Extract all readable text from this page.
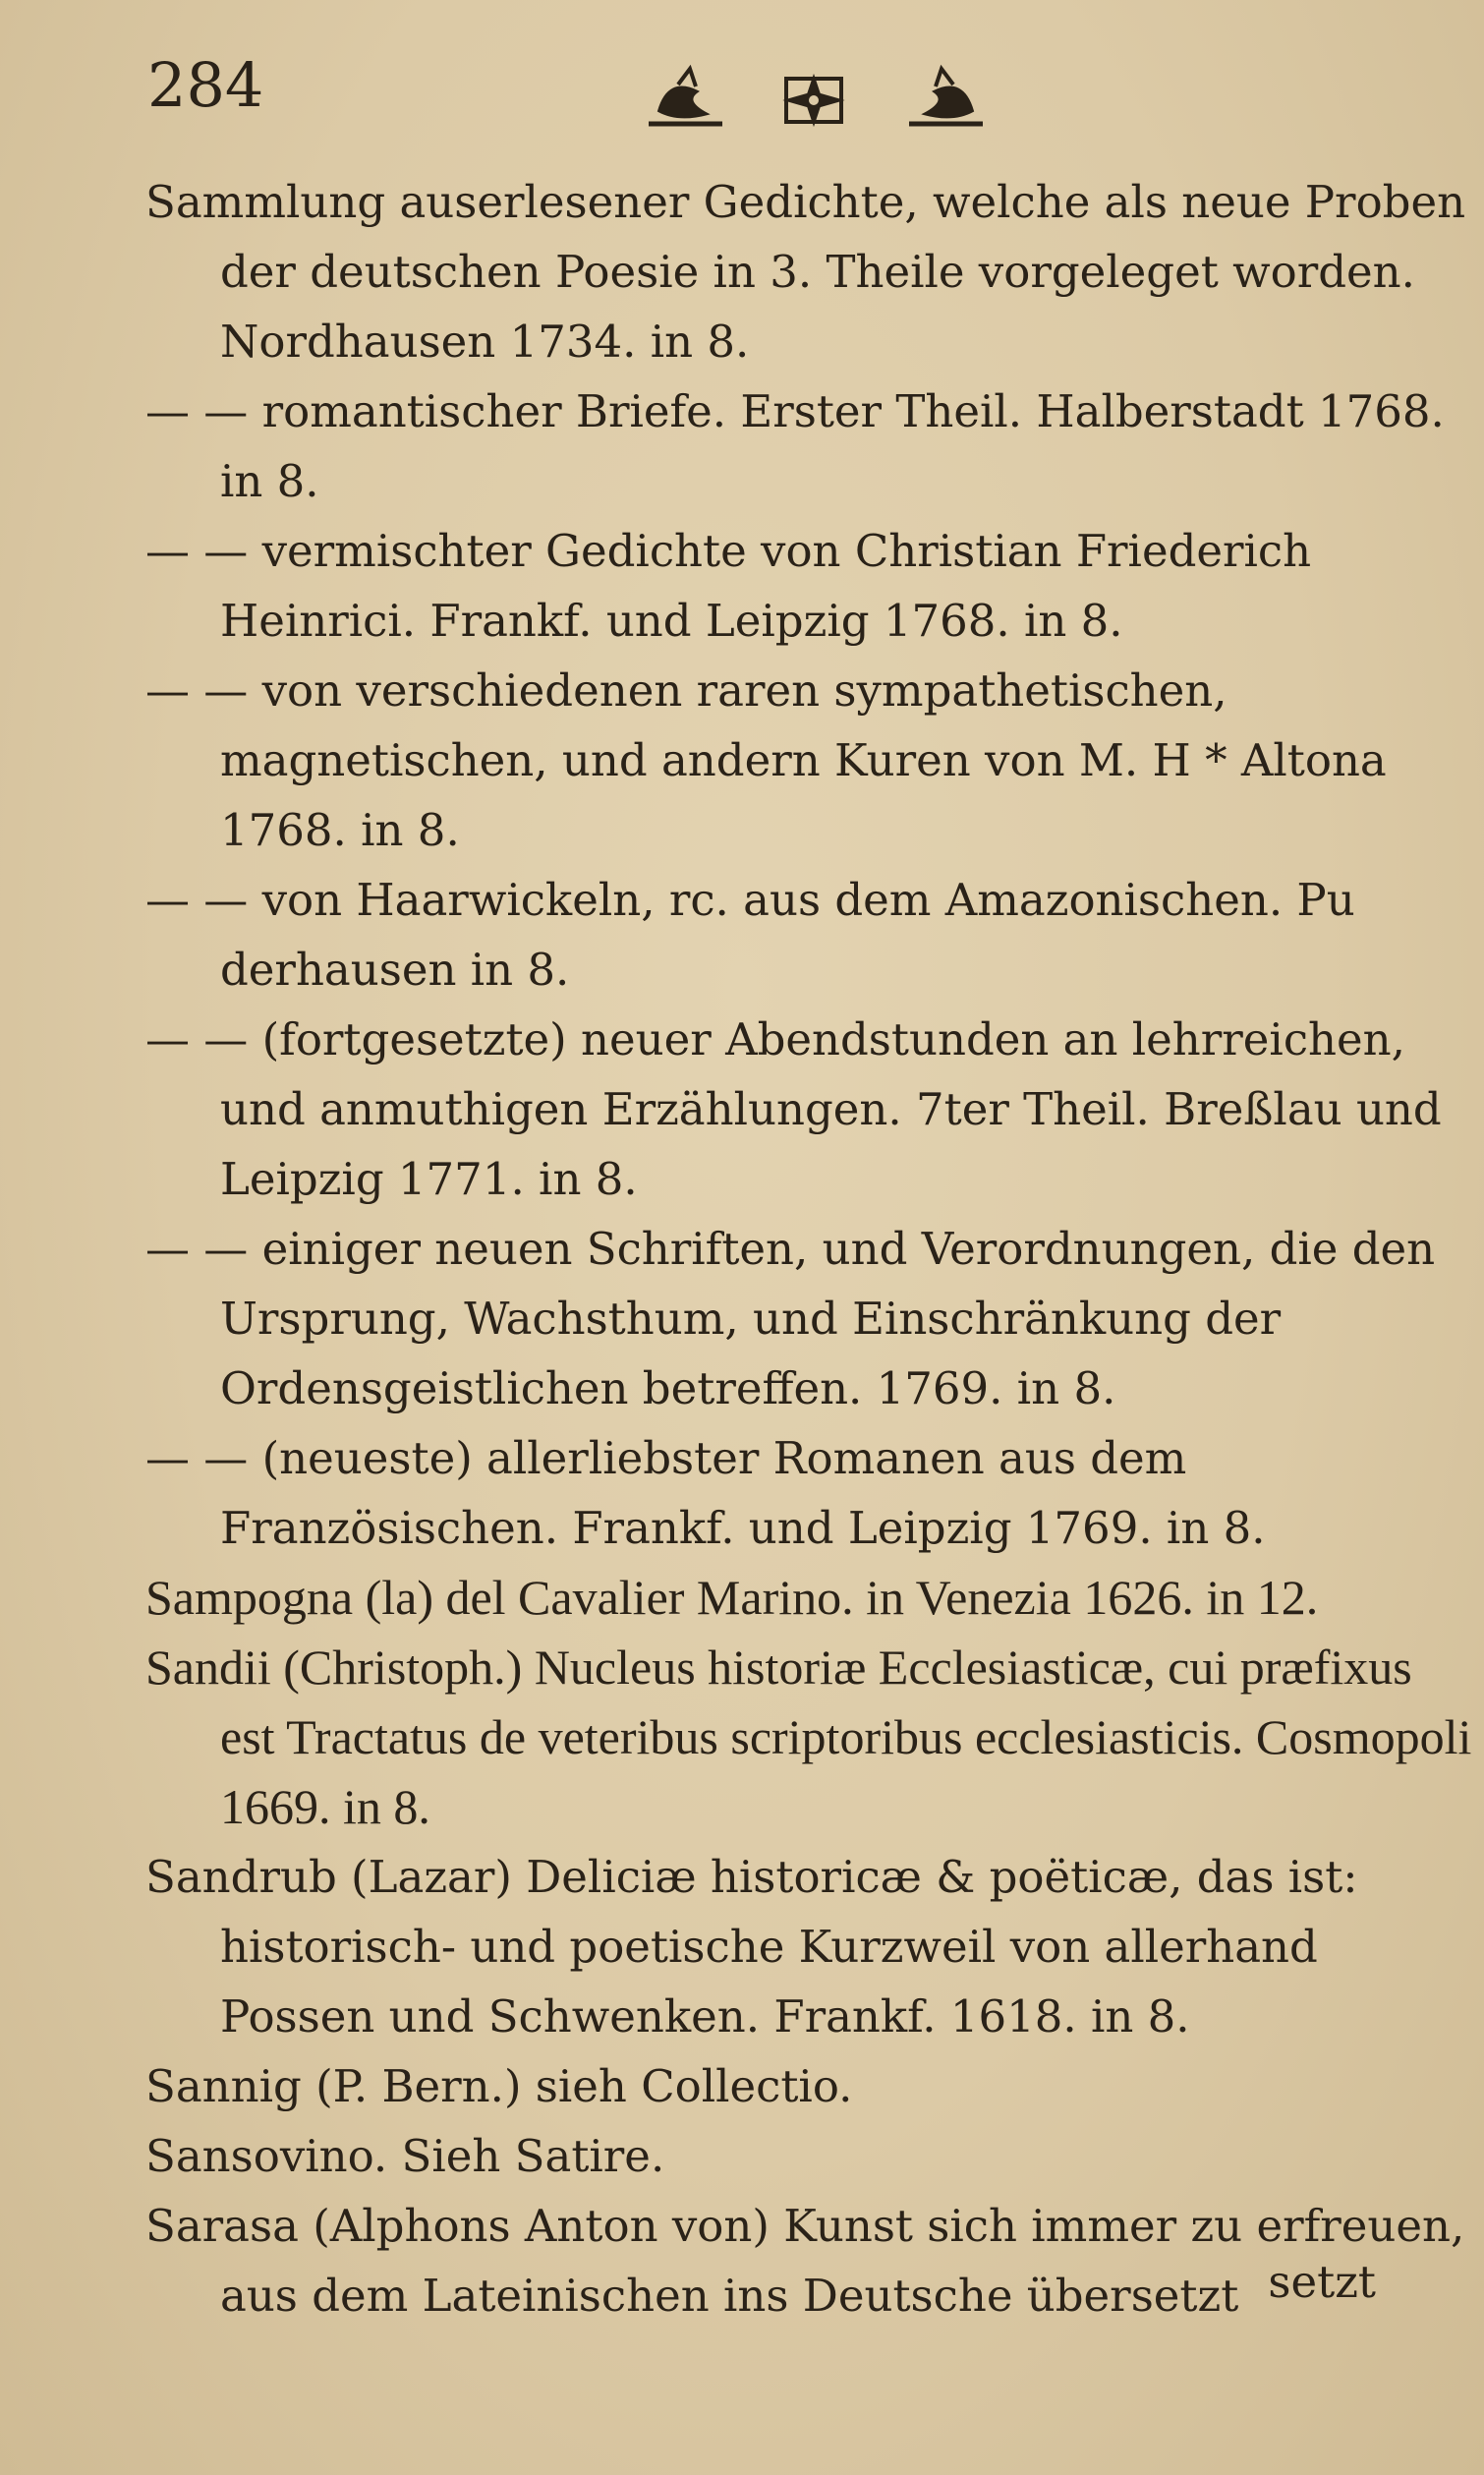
284

Sammlung auserlesener Gedichte, welche als neue Proben der deutschen Poesie in 3. Theile vorgeleget worden. Nordhausen 1734. in 8.

— — romantischer Briefe. Erster Theil. Halberstadt 1768. in 8.

— — vermischter Gedichte von Christian Friederich Heinrici. Frankf. und Leipzig 1768. in 8.

— — von verschiedenen raren sympathetischen, magnetischen, und andern Kuren von M. H * Altona 1768. in 8.

— — von Haarwickeln, rc. aus dem Amazonischen. Pu derhausen in 8.

— — (fortgesetzte) neuer Abendstunden an lehrreichen, und anmuthigen Erzählungen. 7ter Theil. Breßlau und Leipzig 1771. in 8.

— — einiger neuen Schriften, und Verordnungen, die den Ursprung, Wachsthum, und Einschränkung der Ordensgeistlichen betreffen. 1769. in 8.

— — (neueste) allerliebster Romanen aus dem Französischen. Frankf. und Leipzig 1769. in 8.

Sampogna (la) del Cavalier Marino. in Venezia 1626. in 12.

Sandii (Christoph.) Nucleus historiæ Ecclesiasticæ, cui præfixus est Tractatus de veteribus scriptoribus ecclesiasticis. Cosmopoli 1669. in 8.

Sandrub (Lazar) Deliciæ historicæ & poëticæ, das ist: historisch- und poetische Kurzweil von allerhand Possen und Schwenken. Frankf. 1618. in 8.

Sannig (P. Bern.) sieh Collectio.

Sansovino. Sieh Satire.

Sarasa (Alphons Anton von) Kunst sich immer zu erfreuen, aus dem Lateinischen ins Deutsche übersetzt setzt
